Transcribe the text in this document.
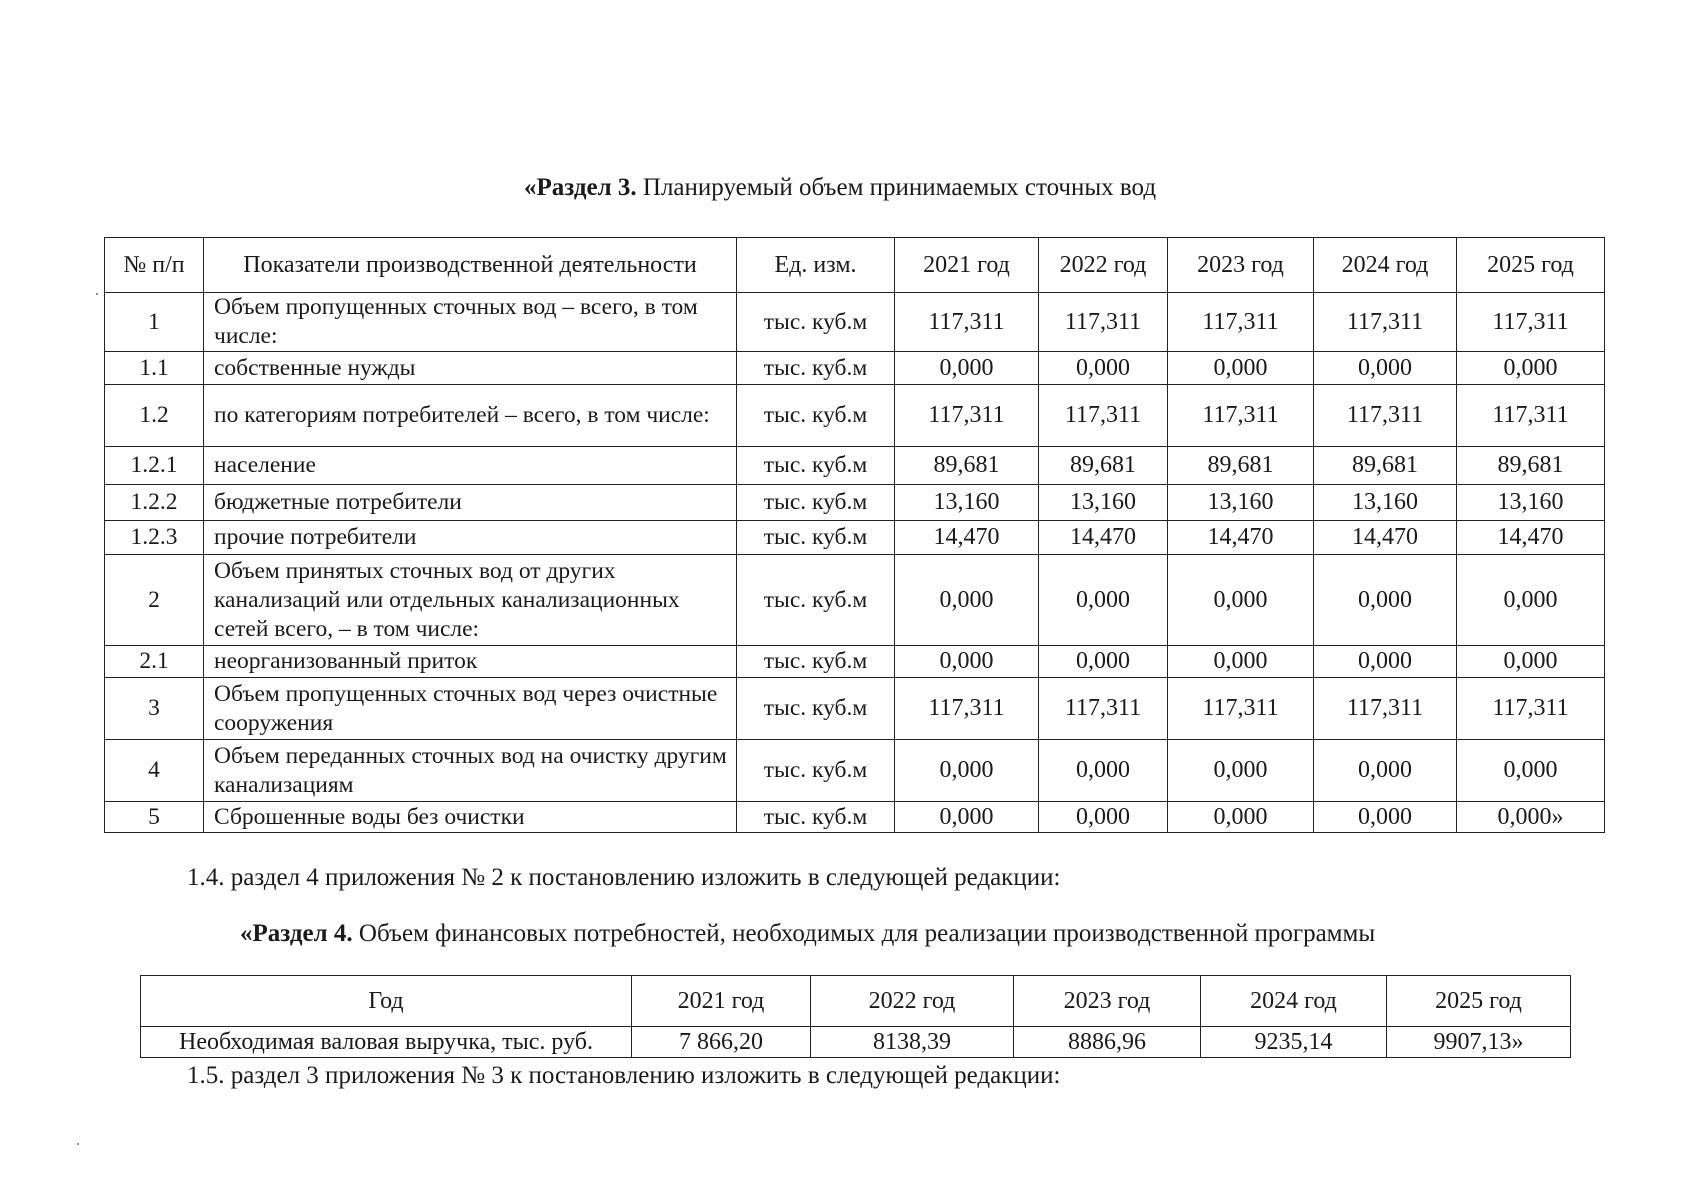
«Раздел 3. Планируемый объем принимаемых сточных вод
№ п/п	Показатели производственной деятельности	Ед. изм.	2021 год	2022 год	2023 год	2024 год	2025 год
1	Объем пропущенных сточных вод – всего, в том числе:	тыс. куб.м	117,311	117,311	117,311	117,311	117,311
1.1	собственные нужды	тыс. куб.м	0,000	0,000	0,000	0,000	0,000
1.2	по категориям потребителей – всего, в том числе:	тыс. куб.м	117,311	117,311	117,311	117,311	117,311
1.2.1	население	тыс. куб.м	89,681	89,681	89,681	89,681	89,681
1.2.2	бюджетные потребители	тыс. куб.м	13,160	13,160	13,160	13,160	13,160
1.2.3	прочие потребители	тыс. куб.м	14,470	14,470	14,470	14,470	14,470
2	Объем принятых сточных вод от других канализаций или отдельных канализационных сетей всего, – в том числе:	тыс. куб.м	0,000	0,000	0,000	0,000	0,000
2.1	неорганизованный приток	тыс. куб.м	0,000	0,000	0,000	0,000	0,000
3	Объем пропущенных сточных вод через очистные сооружения	тыс. куб.м	117,311	117,311	117,311	117,311	117,311
4	Объем переданных сточных вод на очистку другим канализациям	тыс. куб.м	0,000	0,000	0,000	0,000	0,000
5	Сброшенные воды без очистки	тыс. куб.м	0,000	0,000	0,000	0,000	0,000»
1.4. раздел 4 приложения № 2 к постановлению изложить в следующей редакции:
«Раздел 4. Объем финансовых потребностей, необходимых для реализации производственной программы
Год	2021 год	2022 год	2023 год	2024 год	2025 год
Необходимая валовая выручка, тыс. руб.	7 866,20	8138,39	8886,96	9235,14	9907,13»
1.5. раздел 3 приложения № 3 к постановлению изложить в следующей редакции:
